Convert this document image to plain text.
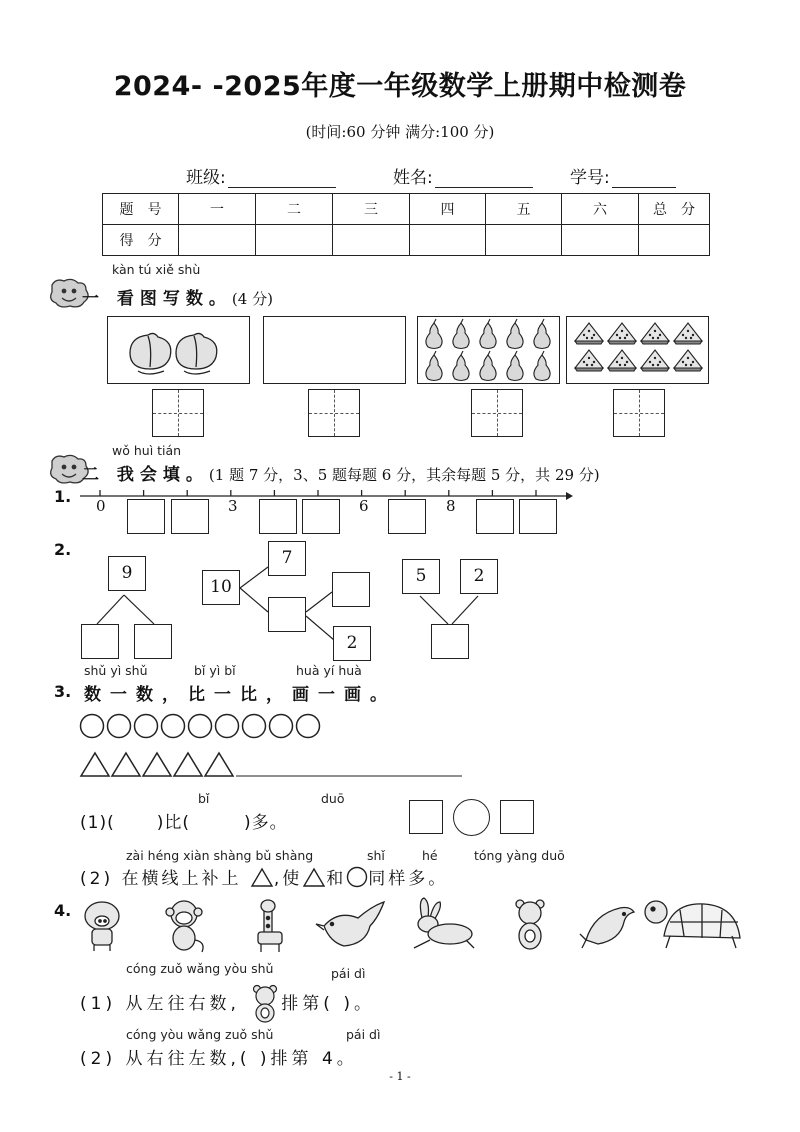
2024- -2025年度一年级数学上册期中检测卷
(时间:60 分钟 满分:100 分)
班级:	姓名:	学号:
题　号	一	二	三	四	五	六	总　分
得　分							
kàn tú xiě shù
一 看图写数。(4 分)
wǒ huì tián
二 我会填。(1 题 7 分，3、5 题每题 6 分，其余每题 5 分，共 29 分)
1. 0	3	6	8
2.
9
10
7
2
5	2
shǔ yì shǔ	bǐ yì bǐ	huà yí huà
3. 数一数，比一比，画一画。
bǐ	duō
(1)( )比(	)多。
zài héng xiàn shàng bǔ shàng	shǐ	hé	tóng yàng duō
(2) 在横线上补上 ,使 和 同样多。
4.
cóng zuǒ wǎng yòu shǔ	pái dì
(1) 从左往右数, 排第( )。
cóng yòu wǎng zuǒ shǔ	pái dì
(2) 从右往左数,( )排第 4。
- 1 -
